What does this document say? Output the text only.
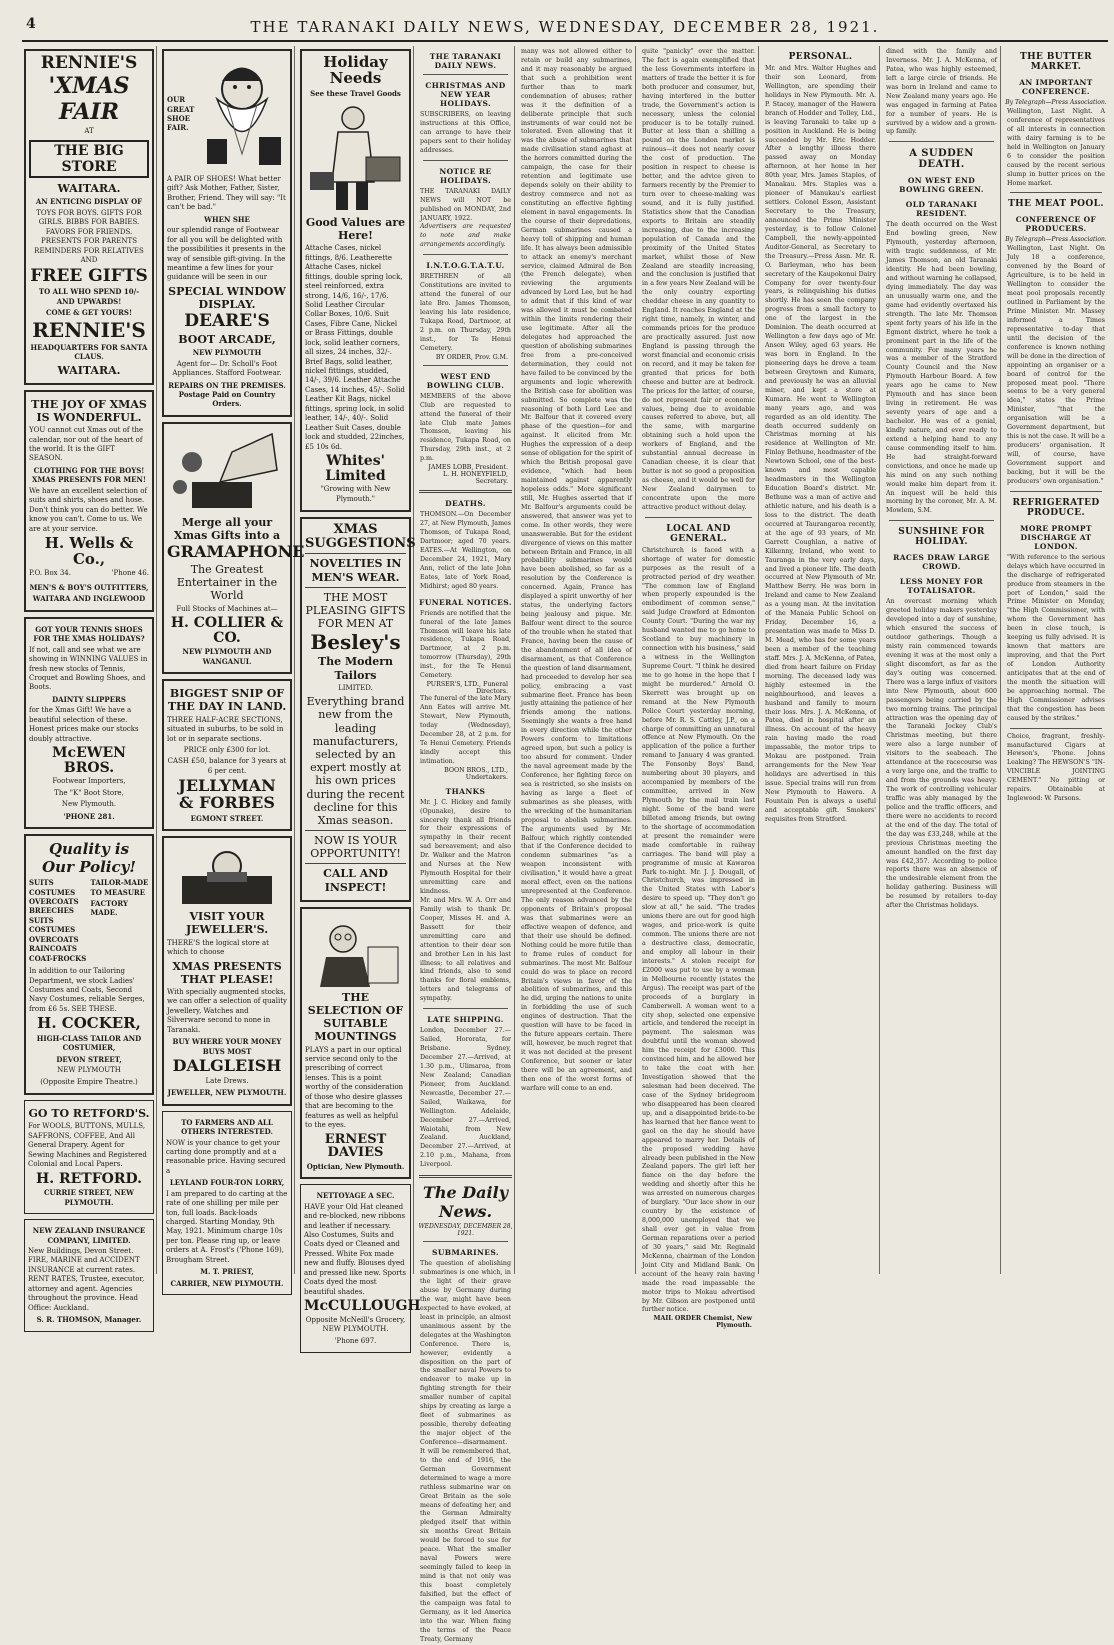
4	THE TARANAKI DAILY NEWS, WEDNESDAY, DECEMBER 28, 1921.
RENNIE'S
'XMAS
FAIR
AT
THE BIG STORE
WAITARA.
AN ENTICING DISPLAY OF
TOYS FOR BOYS. GIFTS FOR GIRLS. BIBBS FOR BABIES. FAVORS FOR FRIENDS. PRESENTS FOR PARENTS REMINDERS FOR RELATIVES AND
FREE GIFTS
TO ALL WHO SPEND 10/- AND UPWARDS!
COME & GET YOURS!
RENNIE'S
HEADQUARTERS FOR SANTA CLAUS.
WAITARA.
THE JOY OF XMAS IS WONDERFUL.
YOU cannot cut Xmas out of the calendar, nor out of the heart of the world. It is the GIFT SEASON.
CLOTHING FOR THE BOYS! XMAS PRESENTS FOR MEN!
We have an excellent selection of suits and shirts, shoes and hose. Don't think you can do better. We know you can't. Come to us. We are at your service.
H. Wells & Co.,
P.O. Box 34.	'Phone 46.
MEN'S & BOY'S OUTFITTERS,
WAITARA AND INGLEWOOD
GOT YOUR TENNIS SHOES FOR THE XMAS HOLIDAYS?
If not, call and see what we are showing in WINNING VALUES in fresh new stocks of Tennis, Croquet and Bowling Shoes, and Boots.
DAINTY SLIPPERS
for the Xmas Gift! We have a beautiful selection of these. Honest prices make our stocks doubly attractive.
McEWEN BROS.
Footwear Importers,
The "K" Boot Store,
New Plymouth.
'PHONE 281.
Quality is
Our Policy!
SUITS COSTUMES OVERCOATS BREECHES SUITS COSTUMES OVERCOATS RAINCOATS COAT-FROCKS
TAILOR-MADE TO MEASURE
FACTORY MADE.
In addition to our Tailoring Department, we stock Ladies' Costumes and Coats, Second Navy Costumes, reliable Serges, from £6 5s. SEE THESE.
H. COCKER,
HIGH-CLASS TAILOR AND COSTUMIER,
DEVON STREET,
NEW PLYMOUTH
(Opposite Empire Theatre.)
GO TO RETFORD'S.
For WOOLS, BUTTONS, MULLS, SAFFRONS, COFFEE, And All General Drapery. Agent for Sewing Machines and Registered Colonial and Local Papers.
H. RETFORD.
CURRIE STREET, NEW PLYMOUTH.
NEW ZEALAND INSURANCE COMPANY, LIMITED.
New Buildings, Devon Street. FIRE, MARINE and ACCIDENT INSURANCE at current rates. RENT RATES, Trustee, executor, attorney and agent. Agencies throughout the province. Head Office: Auckland.
S. R. THOMSON, Manager.
OUR GREAT SHOE FAIR.
A PAIR OF SHOES! What better gift? Ask Mother, Father, Sister, Brother, Friend. They will say: "It can't be bad."
WHEN SHE
our splendid range of Footwear for all you will be delighted with the possibilities it presents in the way of sensible gift-giving. In the meantime a few lines for your guidance will be seen in our
SPECIAL WINDOW DISPLAY.
DEARE'S
BOOT ARCADE,
NEW PLYMOUTH
Agent for— Dr. Scholl's Foot Appliances. Stafford Footwear.
REPAIRS ON THE PREMISES. Postage Paid on Country Orders.
Merge all your Xmas Gifts into a
GRAMAPHONE
The Greatest Entertainer in the World
Full Stocks of Machines at—
H. COLLIER & CO.
NEW PLYMOUTH AND WANGANUI.
BIGGEST SNIP OF THE DAY IN LAND.
THREE HALF-ACRE SECTIONS, situated in suburbs, to be sold in lot or in separate sections.
PRICE only £300 for lot.
CASH £50, balance for 3 years at 6 per cent.
JELLYMAN
& FORBES
EGMONT STREET.
VISIT YOUR JEWELLER'S.
THERE'S the logical store at which to choose
XMAS PRESENTS THAT PLEASE!
With specially augmented stocks, we can offer a selection of quality Jewellery, Watches and Silverware second to none in Taranaki.
BUY WHERE YOUR MONEY BUYS MOST
DALGLEISH
Late Drews.
JEWELLER, NEW PLYMOUTH.
TO FARMERS AND ALL OTHERS INTERESTED.
NOW is your chance to get your carting done promptly and at a reasonable price. Having secured a
LEYLAND FOUR-TON LORRY,
I am prepared to do carting at the rate of one shilling per mile per ton, full loads. Back-loads charged. Starting Monday, 9th May, 1921. Minimum charge 10s per ton. Please ring up, or leave orders at A. Frost's ('Phone 169), Brougham Street.
M. T. PRIEST,
CARRIER, NEW PLYMOUTH.
Holiday Needs
See these Travel Goods
Good Values are Here!
Attache Cases, nickel fittings, 8/6. Leatherette Attache Cases, nickel fittings, double spring lock, steel reinforced, extra strong, 14/6, 16/-, 17/6. Solid Leather Circular Collar Boxes, 10/6. Suit Cases, Fibre Cane, Nickel or Brass Fittings, double lock, solid leather corners, all sizes, 24 inches, 32/-. Brief Bags, solid leather, nickel fittings, studded, 14/-, 39/6. Leather Attache Cases, 14 inches, 45/-. Solid Leather Kit Bags, nickel fittings, spring lock, in solid leather, 14/-, 40/-. Solid Leather Suit Cases, double lock and studded, 22inches, £5 10s 6d.
Whites' Limited
"Growing with New Plymouth."
XMAS SUGGESTIONS
NOVELTIES IN MEN'S WEAR.
THE MOST PLEASING GIFTS FOR MEN AT
Besley's
The Modern Tailors
LIMITED.
Everything brand new from the leading manufacturers, selected by an expert mostly at his own prices during the recent decline for this Xmas season.
NOW IS YOUR OPPORTUNITY!
CALL AND INSPECT!
THE SELECTION OF SUITABLE MOUNTINGS
PLAYS a part in our optical service second only to the prescribing of correct lenses. This is a point worthy of the consideration of those who desire glasses that are becoming to the features as well as helpful to the eyes.
ERNEST DAVIES
Optician, New Plymouth.
NETTOYAGE A SEC.
HAVE your Old Hat cleaned and re-blocked, new ribbons and leather if necessary. Also Costumes, Suits and Coats dyed or Cleaned and Pressed. White Fox made new and fluffy. Blouses dyed and pressed like new. Sports Coats dyed the most beautiful shades.
McCULLOUGH
Opposite McNeill's Grocery, NEW PLYMOUTH.
'Phone 697.
THE TARANAKI DAILY NEWS.
CHRISTMAS AND NEW YEAR HOLIDAYS.
SUBSCRIBERS, on leaving instructions at this Office, can arrange to have their papers sent to their holiday addresses.
NOTICE RE HOLIDAYS.
THE TARANAKI DAILY NEWS will NOT be published on MONDAY, 2nd JANUARY, 1922.
Advertisers are requested to note and make arrangements accordingly.
I.N.T.O.G.T.A.T.U.
BRETHREN of all Constitutions are invited to attend the funeral of our late Bro. James Thomson, leaving his late residence, Tukapa Road, Dartmoor, at 2 p.m. on Thursday, 29th inst., for Te Henui Cemetery.
BY ORDER, Prov. G.M.
WEST END BOWLING CLUB.
MEMBERS of the above Club are requested to attend the funeral of their late Club mate James Thomson, leaving his residence, Tukapa Road, on Thursday, 29th inst., at 2 p.m.
JAMES LOBB, President.
L. H. HONEYFIELD, Secretary.
DEATHS.
THOMSON.—On December 27, at New Plymouth, James Thomson, of Tukapa Road, Dartmoor; aged 70 years. EATES.—At Wellington, on December 24, 1921, Mary Ann, relict of the late John Eates, late of York Road, Midhirst; aged 80 years.
FUNERAL NOTICES.
Friends are notified that the funeral of the late James Thomson will leave his late residence, Tukapa Road, Dartmoor, at 2 p.m. tomorrow (Thursday), 29th inst., for the Te Henui Cemetery.
PURSER'S, LTD., Funeral Directors.
The funeral of the late Mary Ann Eates will arrive Mt. Stewart, New Plymouth, today (Wednesday), December 28, at 2 p.m. for Te Henui Cemetery. Friends kindly accept this intimation.
BOON BROS., LTD., Undertakers.
THANKS
Mr. J. C. Hickey and family (Opunake), desire to sincerely thank all friends for their expressions of sympathy in their recent sad bereavement; and also Dr. Walker and the Matron and Nurses at the New Plymouth Hospital for their unremitting care and kindness.
Mr. and Mrs. W. A. Orr and Family wish to thank Dr. Cooper, Misses H. and A. Bassett for their unremitting care and attention to their dear son and brother Len in his last illness; to all relatives and kind friends, also to send thanks for floral emblems, letters and telegrams of sympathy.
LATE SHIPPING.
London, December 27.—Sailed, Hororata, for Brisbane. Sydney, December 27.—Arrived, at 1.30 p.m., Ulimaroa, from New Zealand; Canadian Pioneer, from Auckland. Newcastle, December 27.—Sailed, Waikawa, for Wellington. Adelaide, December 27.—Arrived, Waiotahi, from New Zealand. Auckland, December 27.—Arrived, at 2.10 p.m., Mahana, from Liverpool.
The Daily News.
WEDNESDAY, DECEMBER 28, 1921.
SUBMARINES.
The question of abolishing submarines is one which, in the light of their grave abuse by Germany during the war, might have been expected to have evoked, at least in principle, an almost unanimous assent by the delegates at the Washington Conference. There is, however, evidently a disposition on the part of the smaller naval Powers to endeavor to make up in fighting strength for their smaller number of capital ships by creating as large a fleet of submarines as possible, thereby defeating the major object of the Conference—disarmament. It will be remembered that, to the end of 1916, the German Government determined to wage a more ruthless submarine war on Great Britain as the sole means of defeating her, and the German Admiralty pledged itself that within six months Great Britain would be forced to sue for peace. What the smaller naval Powers were seemingly failed to keep in mind is that not only was this boast completely falsified, but the effect of the campaign was fatal to Germany, as it led America into the war. When fixing the terms of the Peace Treaty, Germany
many was not allowed either to retain or build any submarines, and it may reasonably be argued that such a prohibition went further than to mark condemnation of abuses; rather was it the definition of a deliberate principle that such instruments of war could not be tolerated. Even allowing that it was the abuse of submarines that made civilisation stand aghast at the horrors committed during the campaign, the case for their retention and legitimate use depends solely on their ability to destroy commerce and not as constituting an effective fighting element in naval engagements. In the course of their depredations, German submarines caused a heavy toll of shipping and human life. It has always been admissible to attack an enemy's merchant service, claimed Admiral de Bon (the French delegate), when reviewing the arguments advanced by Lord Lee, but he had to admit that if this kind of war was allowed it must be combated within the limits rendering their use legitimate. After all the delegates had approached the question of abolishing submarines free from a pre-conceived determination, they could not have failed to be convinced by the arguments and logic wherewith the British case for abolition was submitted. So complete was the reasoning of both Lord Lee and Mr. Balfour that it covered every phase of the question—for and against. It elicited from Mr. Hughes the expression of a deep sense of obligation for the spirit of which the British proposal gave evidence, "which had been maintained against apparently hopeless odds." More significant still, Mr. Hughes asserted that if Mr. Balfour's arguments could be answered, that answer was yet to come. In other words, they were unanswerable. But for the evident divergence of views on this matter between Britain and France, in all probability submarines would have been abolished, so far as a resolution by the Conference is concerned. Again, France has displayed a spirit unworthy of her status, the underlying factors being jealousy and pique. Mr. Balfour went direct to the source of the trouble when he stated that France, having been the cause of the abandonment of all idea of disarmament, as that Conference the question of land disarmament, had proceeded to develop her sea policy, embracing a vast submarine fleet. France has been justly attaining the patience of her friends among the nations. Seemingly she wants a free hand in every direction while the other Powers conform to limitations agreed upon, but such a policy is too absurd for comment. Under the naval agreement made by the Conference, her fighting force on sea is restricted, so she insists on having as large a fleet of submarines as she pleases, with the wrecking of the humanitarian proposal to abolish submarines. The arguments used by Mr. Balfour, which rightly contended that if the Conference decided to condemn submarines "as a weapon inconsistent with civilisation," it would have a great moral effect, even on the nations unrepresented at the Conference. The only reason advanced by the opponents of Britain's proposal was that submarines were an effective weapon of defence, and that their use should be defined. Nothing could be more futile than to frame rules of conduct for submarines. The most Mr. Balfour could do was to place on record Britain's views in favor of the abolition of submarines, and this he did, urging the nations to unite in forbidding the use of such engines of destruction. That the question will have to be faced in the future appears certain. There will, however, be much regret that it was not decided at the present Conference, but sooner or later there will be an agreement, and then one of the worst forms of warfare will come to an end.
quite "panicky" over the matter. The fact is again exemplified that the less Governments interfere in matters of trade the better it is for both producer and consumer, but, having interfered in the butter trade, the Government's action is necessary, unless the colonial producer is to be totally ruined. Butter at less than a shilling a pound on the London market is ruinous—it does not nearly cover the cost of production. The position in respect to cheese is better, and the advice given to farmers recently by the Premier to turn over to cheese-making was sound, and it is fully justified. Statistics show that the Canadian exports to Britain are steadily increasing, due to the increasing population of Canada and the proximity of the United States market, whilst those of New Zealand are steadily increasing, and the conclusion is justified that in a few years New Zealand will be the only country exporting cheddar cheese in any quantity to England. It reaches England at the right time, namely, in winter, and commands prices for the produce are practically assured. Just now England is passing through the worst financial and economic crisis on record, and it may be taken for granted that prices for both cheese and butter are at bedrock. The prices for the latter, of course, do not represent fair or economic values, being due to avoidable causes referred to above, but, all the same, with margarine obtaining such a hold upon the workers of England, and the substantial annual decrease in Canadian cheese, it is clear that butter is not so good a proposition as cheese, and it would be well for New Zealand dairymen to concentrate upon the more attractive product without delay.
LOCAL AND GENERAL.
Christchurch is faced with a shortage of water for domestic purposes as the result of a protracted period of dry weather. "The common law of England when properly expounded is the embodiment of common sense," said Judge Crawford at Edmonton County Court. "During the war my husband wanted me to go home to Scotland to buy machinery in connection with his business," said a witness in the Wellington Supreme Court. "I think he desired me to go home in the hope that I might be murdered." Arnold O. Skerrett was brought up on remand at the New Plymouth Police Court yesterday morning, before Mr. R. S. Cattley, J.P., on a charge of committing an unnatural offence at New Plymouth. On the application of the police a further remand to January 4 was granted. The Fonsonby Boys' Band, numbering about 30 players, and accompanied by members of the committee, arrived in New Plymouth by the mail train last night. Some of the band were billeted among friends, but owing to the shortage of accommodation at present the remainder were made comfortable in railway carriages. The band will play a programme of music at Kawaroa Park to-night. Mr. J. J. Dougall, of Christchurch, was impressed in the United States with Labor's desire to speed up. "They don't go slow at all," he said. "The trades unions there are out for good high wages, and price-work is quite common. The unions there are not a destructive class, democratic, and employ all labour in their interests." A stolen receipt for £2000 was put to use by a woman in Melbourne recently (states the Argus). The receipt was part of the proceeds of a burglary in Camberwell. A woman went to a city shop, selected one expensive article, and tendered the receipt in payment. The salesman was doubtful until the woman showed him the receipt for £3000. This convinced him, and he allowed her to take the coat with her. Investigation showed that the salesman had been deceived. The case of the Sydney bridegroom who disappeared has been cleared up, and a disappointed bride-to-be has learned that her fiance went to gaol on the day he should have appeared to marry her. Details of the proposed wedding have already been published in the New Zealand papers. The girl left her fiance on the day before the wedding and shortly after this he was arrested on numerous charges of burglary. "Our lace show in our country by the existence of 8,000,000 unemployed that we shall ever get in value from German reparations over a period of 30 years," said Mr. Reginald McKenna, chairman of the London Joint City and Midland Bank. On account of the heavy rain having made the road impassable the motor trips to Mokau advertised by Mr. Gibson are postponed until further notice.
MAIL ORDER Chemist, New Plymouth.
PERSONAL.
Mr. and Mrs. Walter Hughes and their son Leonard, from Wellington, are spending their holidays in New Plymouth. Mr. A. P. Stacey, manager of the Hawera branch of Hodder and Tolley, Ltd., is leaving Taranaki to take up a position in Auckland. He is being succeeded by Mr. Eric Hodder. After a lengthy illness there passed away on Monday afternoon, at her home in her 80th year, Mrs. James Staples, of Manakau. Mrs. Staples was a pioneer of Manukau's earliest settlers. Colonel Esson, Assistant Secretary to the Treasury, announced the Prime Minister yesterday, is to follow Colonel Campbell, the newly-appointed Auditor-General, as Secretary to the Treasury.—Press Assn. Mr. R. O. Barleyman, who has been secretary of the Kaupokonui Dairy Company for over twenty-four years, is relinquishing his duties shortly. He has seen the company progress from a small factory to one of the largest in the Dominion. The death occurred at Wellington a few days ago of Mr. Anson Wiley, aged 63 years. He was born in England. In the pioneering days he drove a team between Greytown and Kumara, and previously he was an alluvial miner, and kept a store at Kumara. He went to Wellington many years ago, and was regarded as an old identity. The death occurred suddenly on Christmas morning at his residence at Wellington of Mr. Finlay Bethune, headmaster of the Newtown School, one of the best-known and most capable headmasters in the Wellington Education Board's district. Mr. Bethune was a man of active and athletic nature, and his death is a loss to the district. The death occurred at Taurangaroa recently, at the age of 93 years, of Mr. Garrett Coughlan, a native of Kilkenny, Ireland, who went to Tauranga in the very early days, and lived a pioneer life. The death occurred at New Plymouth of Mr. Matthew Berry. He was born in Ireland and came to New Zealand as a young man. At the invitation of the Manaia Public School on Friday, December 16, a presentation was made to Miss D. M. Mead, who has for some years been a member of the teaching staff. Mrs. J. A. McKenna, of Patea, died from heart failure on Friday morning. The deceased lady was highly esteemed in the neighbourhood, and leaves a husband and family to mourn their loss. Mrs. J. A. McKenna, of Patea, died in hospital after an illness. On account of the heavy rain having made the road impassable, the motor trips to Mokau are postponed. Train arrangements for the New Year holidays are advertised in this issue. Special trains will run from New Plymouth to Hawera. A Fountain Pen is always a useful and acceptable gift. Smokers' requisites from Stratford.
dined with the family and Inverness. Mr. J. A. McKenna, of Patea, who was highly esteemed, left a large circle of friends. He was born in Ireland and came to New Zealand many years ago. He was engaged in farming at Patea for a number of years. He is survived by a widow and a grown-up family.
A SUDDEN DEATH.
ON WEST END BOWLING GREEN.
OLD TARANAKI RESIDENT.
The death occurred on the West End bowling green, New Plymouth, yesterday afternoon, with tragic suddenness, of Mr. James Thomson, an old Taranaki identity. He had been bowling, and without warning he collapsed, dying immediately. The day was an unusually warm one, and the game had evidently overtaxed his strength. The late Mr. Thomson spent forty years of his life in the Egmont district, where he took a prominent part in the life of the community. For many years he was a member of the Stratford County Council and the New Plymouth Harbour Board. A few years ago he came to New Plymouth and has since been living in retirement. He was seventy years of age and a bachelor. He was of a genial, kindly nature, and ever ready to extend a helping hand to any cause commending itself to him. He had straight-forward convictions, and once he made up his mind on any such nothing would make him depart from it. An inquest will be held this morning by the coroner, Mr. A. M. Mowlem, S.M.
SUNSHINE FOR HOLIDAY.
RACES DRAW LARGE CROWD.
LESS MONEY FOR TOTALISATOR.
An overcast morning which greeted holiday makers yesterday developed into a day of sunshine, which ensured the success of outdoor gatherings. Though a misty rain commenced towards evening it was at the most only a slight discomfort, as far as the day's outing was concerned. There was a large influx of visitors into New Plymouth, about 600 passengers being carried by the two morning trains. The principal attraction was the opening day of the Taranaki Jockey Club's Christmas meeting, but there were also a large number of visitors to the seabeach. The attendance at the racecourse was a very large one, and the traffic to and from the grounds was heavy. The work of controlling vehicular traffic was ably managed by the police and the traffic officers, and there were no accidents to record at the end of the day. The total of the day was £33,248, while at the previous Christmas meeting the amount handled on the first day was £42,357. According to police reports there was an absence of the undesirable element from the holiday gathering. Business will be resumed by retailers to-day after the Christmas holidays.
THE BUTTER MARKET.
AN IMPORTANT CONFERENCE.
By Telegraph—Press Association.
Wellington, Last Night. A conference of representatives of all interests in connection with dairy farming is to be held in Wellington on January 6 to consider the position caused by the recent serious slump in butter prices on the Home market.
THE MEAT POOL.
CONFERENCE OF PRODUCERS.
By Telegraph—Press Association.
Wellington, Last Night. On July 18 a conference, convened by the Board of Agriculture, is to be held in Wellington to consider the meat pool proposals recently outlined in Parliament by the Prime Minister. Mr. Massey informed a Times representative to-day that until the decision of the conference is known nothing will be done in the direction of appointing an organiser or a board of control for the proposed meat pool. "There seems to be a very general idea," states the Prime Minister, "that the organisation will be a Government department, but this is not the case. It will be a producers' organisation. It will, of course, have Government support and backing, but it will be the producers' own organisation."
REFRIGERATED PRODUCE.
MORE PROMPT DISCHARGE AT LONDON.
"With reference to the serious delays which have occurred in the discharge of refrigerated produce from steamers in the port of London," said the Prime Minister on Monday, "the High Commissioner, with whom the Government has been in close touch, is keeping us fully advised. It is known that matters are improving, and that the Port of London Authority anticipates that at the end of the month the situation will be approaching normal. The High Commissioner advises that the congestion has been caused by the strikes."
Choice, fragrant, freshly-manufactured Cigars at Hewson's, 'Phone. Johns Leaking? The HEWSON'S "IN-VINCIBLE JOINTING CEMENT." No pitting or repairs. Obtainable at Inglewood: W. Parsons.
